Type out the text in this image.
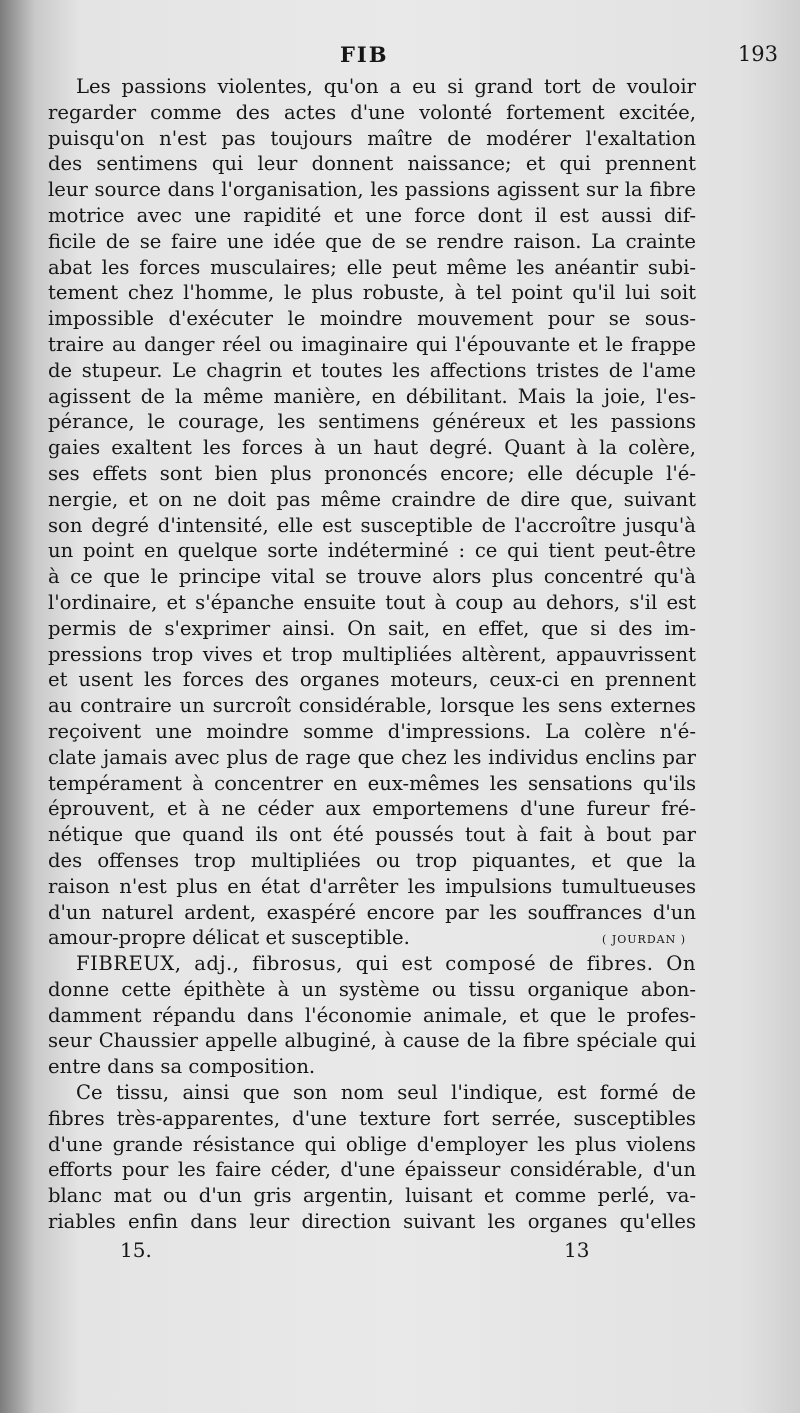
FIB	193
Les passions violentes, qu'on a eu si grand tort de vouloir
regarder comme des actes d'une volonté fortement excitée,
puisqu'on n'est pas toujours maître de modérer l'exaltation
des sentimens qui leur donnent naissance; et qui prennent
leur source dans l'organisation, les passions agissent sur la fibre
motrice avec une rapidité et une force dont il est aussi dif-
ficile de se faire une idée que de se rendre raison. La crainte
abat les forces musculaires; elle peut même les anéantir subi-
tement chez l'homme, le plus robuste, à tel point qu'il lui soit
impossible d'exécuter le moindre mouvement pour se sous-
traire au danger réel ou imaginaire qui l'épouvante et le frappe
de stupeur. Le chagrin et toutes les affections tristes de l'ame
agissent de la même manière, en débilitant. Mais la joie, l'es-
pérance, le courage, les sentimens généreux et les passions
gaies exaltent les forces à un haut degré. Quant à la colère,
ses effets sont bien plus prononcés encore; elle décuple l'é-
nergie, et on ne doit pas même craindre de dire que, suivant
son degré d'intensité, elle est susceptible de l'accroître jusqu'à
un point en quelque sorte indéterminé : ce qui tient peut-être
à ce que le principe vital se trouve alors plus concentré qu'à
l'ordinaire, et s'épanche ensuite tout à coup au dehors, s'il est
permis de s'exprimer ainsi. On sait, en effet, que si des im-
pressions trop vives et trop multipliées altèrent, appauvrissent
et usent les forces des organes moteurs, ceux-ci en prennent
au contraire un surcroît considérable, lorsque les sens externes
reçoivent une moindre somme d'impressions. La colère n'é-
clate jamais avec plus de rage que chez les individus enclins par
tempérament à concentrer en eux-mêmes les sensations qu'ils
éprouvent, et à ne céder aux emportemens d'une fureur fré-
nétique que quand ils ont été poussés tout à fait à bout par
des offenses trop multipliées ou trop piquantes, et que la
raison n'est plus en état d'arrêter les impulsions tumultueuses
d'un naturel ardent, exaspéré encore par les souffrances d'un
amour-propre délicat et susceptible.	( JOURDAN )
FIBREUX, adj., fibrosus, qui est composé de fibres. On
donne cette épithète à un système ou tissu organique abon-
damment répandu dans l'économie animale, et que le profes-
seur Chaussier appelle albuginé, à cause de la fibre spéciale qui
entre dans sa composition.
Ce tissu, ainsi que son nom seul l'indique, est formé de
fibres très-apparentes, d'une texture fort serrée, susceptibles
d'une grande résistance qui oblige d'employer les plus violens
efforts pour les faire céder, d'une épaisseur considérable, d'un
blanc mat ou d'un gris argentin, luisant et comme perlé, va-
riables enfin dans leur direction suivant les organes qu'elles
15.	13
